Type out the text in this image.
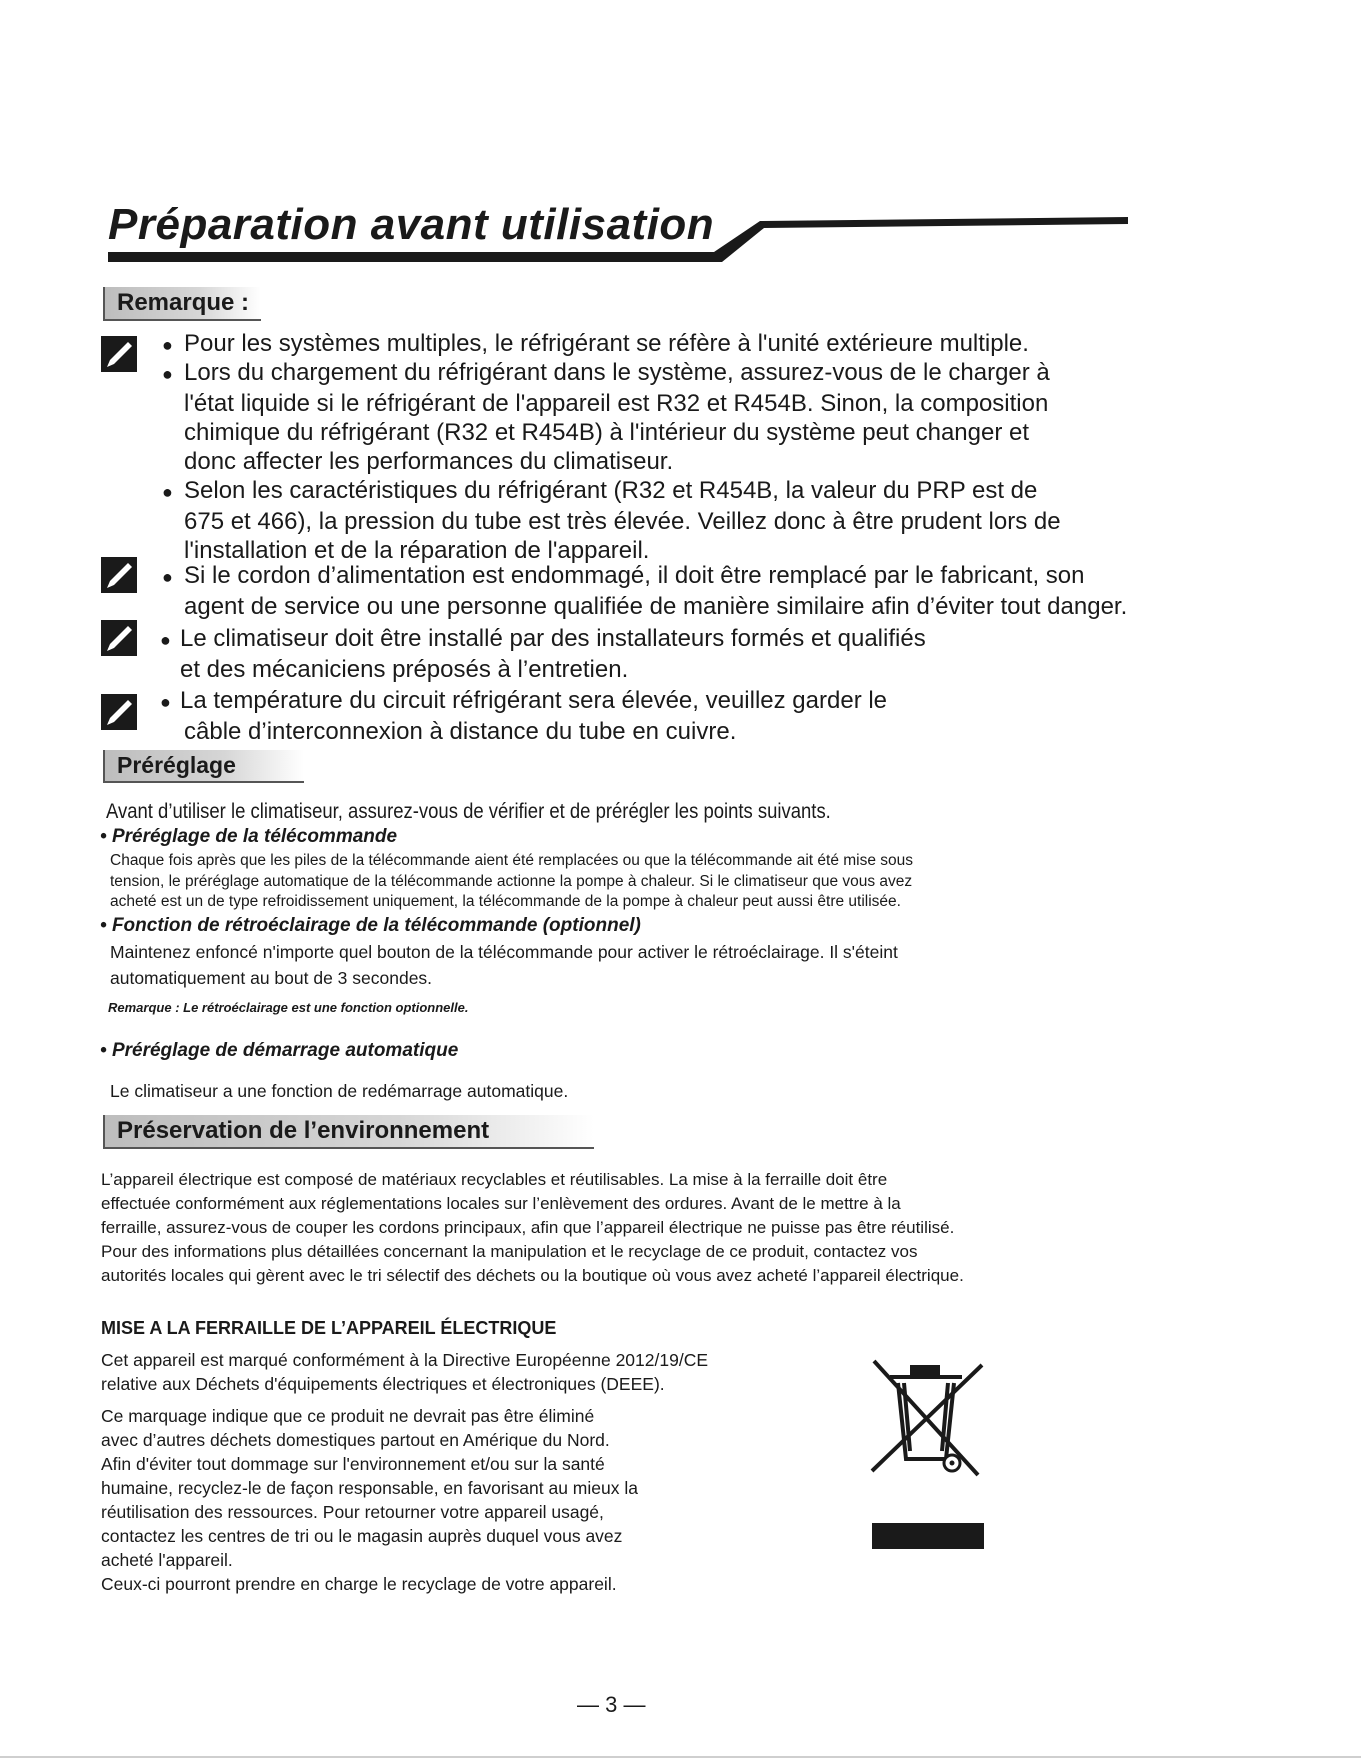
Préparation avant utilisation
Remarque :
● Pour les systèmes multiples, le réfrigérant se réfère à l'unité extérieure multiple.
● Lors du chargement du réfrigérant dans le système, assurez-vous de le charger à
l'état liquide si le réfrigérant de l'appareil est R32 et R454B. Sinon, la composition
chimique du réfrigérant (R32 et R454B) à l'intérieur du système peut changer et
donc affecter les performances du climatiseur.
● Selon les caractéristiques du réfrigérant (R32 et R454B, la valeur du PRP est de
675 et 466), la pression du tube est très élevée. Veillez donc à être prudent lors de
l'installation et de la réparation de l'appareil.
● Si le cordon d’alimentation est endommagé, il doit être remplacé par le fabricant, son
agent de service ou une personne qualifiée de manière similaire afin d’éviter tout danger.
● Le climatiseur doit être installé par des installateurs formés et qualifiés
et des mécaniciens préposés à l’entretien.
● La température du circuit réfrigérant sera élevée, veuillez garder le
câble d’interconnexion à distance du tube en cuivre.
Préréglage
Avant d’utiliser le climatiseur, assurez-vous de vérifier et de prérégler les points suivants.
• Préréglage de la télécommande
Chaque fois après que les piles de la télécommande aient été remplacées ou que la télécommande ait été mise sous
tension, le préréglage automatique de la télécommande actionne la pompe à chaleur. Si le climatiseur que vous avez
acheté est un de type refroidissement uniquement, la télécommande de la pompe à chaleur peut aussi être utilisée.
• Fonction de rétroéclairage de la télécommande (optionnel)
Maintenez enfoncé n'importe quel bouton de la télécommande pour activer le rétroéclairage. Il s'éteint
automatiquement au bout de 3 secondes.
Remarque : Le rétroéclairage est une fonction optionnelle.
• Préréglage de démarrage automatique
Le climatiseur a une fonction de redémarrage automatique.
Préservation de l’environnement
L’appareil électrique est composé de matériaux recyclables et réutilisables. La mise à la ferraille doit être
effectuée conformément aux réglementations locales sur l’enlèvement des ordures. Avant de le mettre à la
ferraille, assurez-vous de couper les cordons principaux, afin que l’appareil électrique ne puisse pas être réutilisé.
Pour des informations plus détaillées concernant la manipulation et le recyclage de ce produit, contactez vos
autorités locales qui gèrent avec le tri sélectif des déchets ou la boutique où vous avez acheté l’appareil électrique.
MISE A LA FERRAILLE DE L’APPAREIL ÉLECTRIQUE
Cet appareil est marqué conformément à la Directive Européenne 2012/19/CE
relative aux Déchets d'équipements électriques et électroniques (DEEE).
Ce marquage indique que ce produit ne devrait pas être éliminé
avec d’autres déchets domestiques partout en Amérique du Nord.
Afin d'éviter tout dommage sur l'environnement et/ou sur la santé
humaine, recyclez-le de façon responsable, en favorisant au mieux la
réutilisation des ressources. Pour retourner votre appareil usagé,
contactez les centres de tri ou le magasin auprès duquel vous avez
acheté l'appareil.
Ceux-ci pourront prendre en charge le recyclage de votre appareil.
— 3 —
